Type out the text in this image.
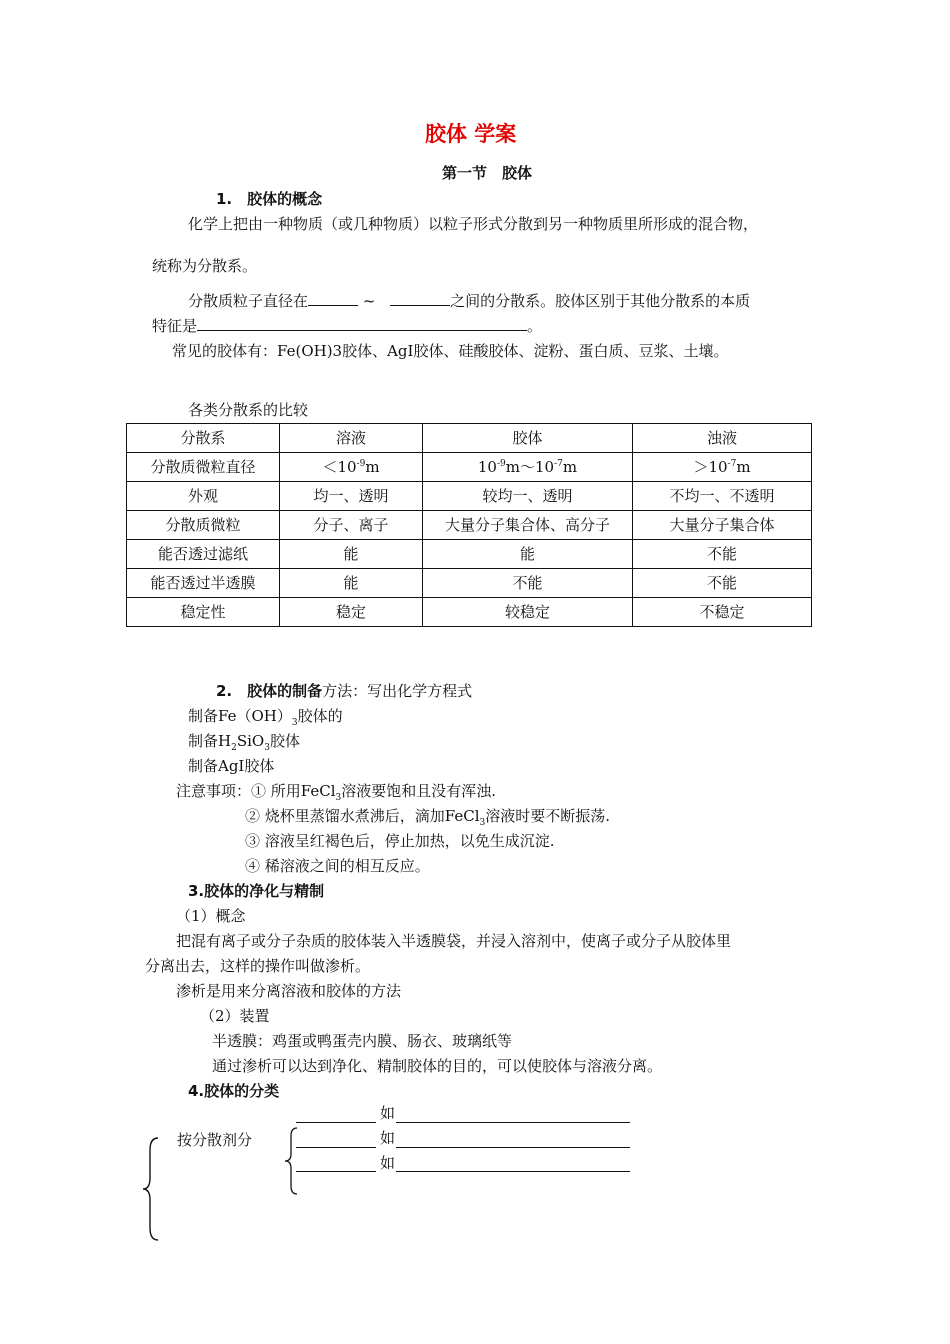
胶体 学案
第一节　胶体
1.　胶体的概念
化学上把由一种物质（或几种物质）以粒子形式分散到另一种物质里所形成的混合物，
统称为分散系。
分散质粒子直径在	~	之间的分散系。胶体区别于其他分散系的本质
特征是	。
常见的胶体有：Fe(OH)3胶体、AgI胶体、硅酸胶体、淀粉、蛋白质、豆浆、土壤。
各类分散系的比较
分散系	溶液	胶体	浊液
分散质微粒直径	$<10^{-9}m$	$10^{-9}m\sim 10^{-7}m$	$>10^{-7}m$
外观	均一、透明	较均一、透明	不均一、不透明
分散质微粒	分子、离子	大量分子集合体、高分子	大量分子集合体
能否透过滤纸	能	能	不能
能否透过半透膜	能	不能	不能
稳定性	稳定	较稳定	不稳定
2.　胶体的制备方法：写出化学方程式
制备$Fe(OH)_3$胶体的
制备$H_2SiO_3$胶体
制备AgI胶体
注意事项：① 所用FeCl$_3$溶液要饱和且没有浑浊.
② 烧杯里蒸馏水煮沸后，滴加FeCl$_3$溶液时要不断振荡.
③ 溶液呈红褐色后，停止加热，以免生成沉淀.
④ 稀溶液之间的相互反应。
3.胶体的净化与精制
（1）概念
把混有离子或分子杂质的胶体装入半透膜袋，并浸入溶剂中，使离子或分子从胶体里
分离出去，这样的操作叫做渗析。
渗析是用来分离溶液和胶体的方法
（2）装置
半透膜：鸡蛋或鸭蛋壳内膜、肠衣、玻璃纸等
通过渗析可以达到净化、精制胶体的目的，可以使胶体与溶液分离。
4.胶体的分类
如
按分散剂分	如
如
